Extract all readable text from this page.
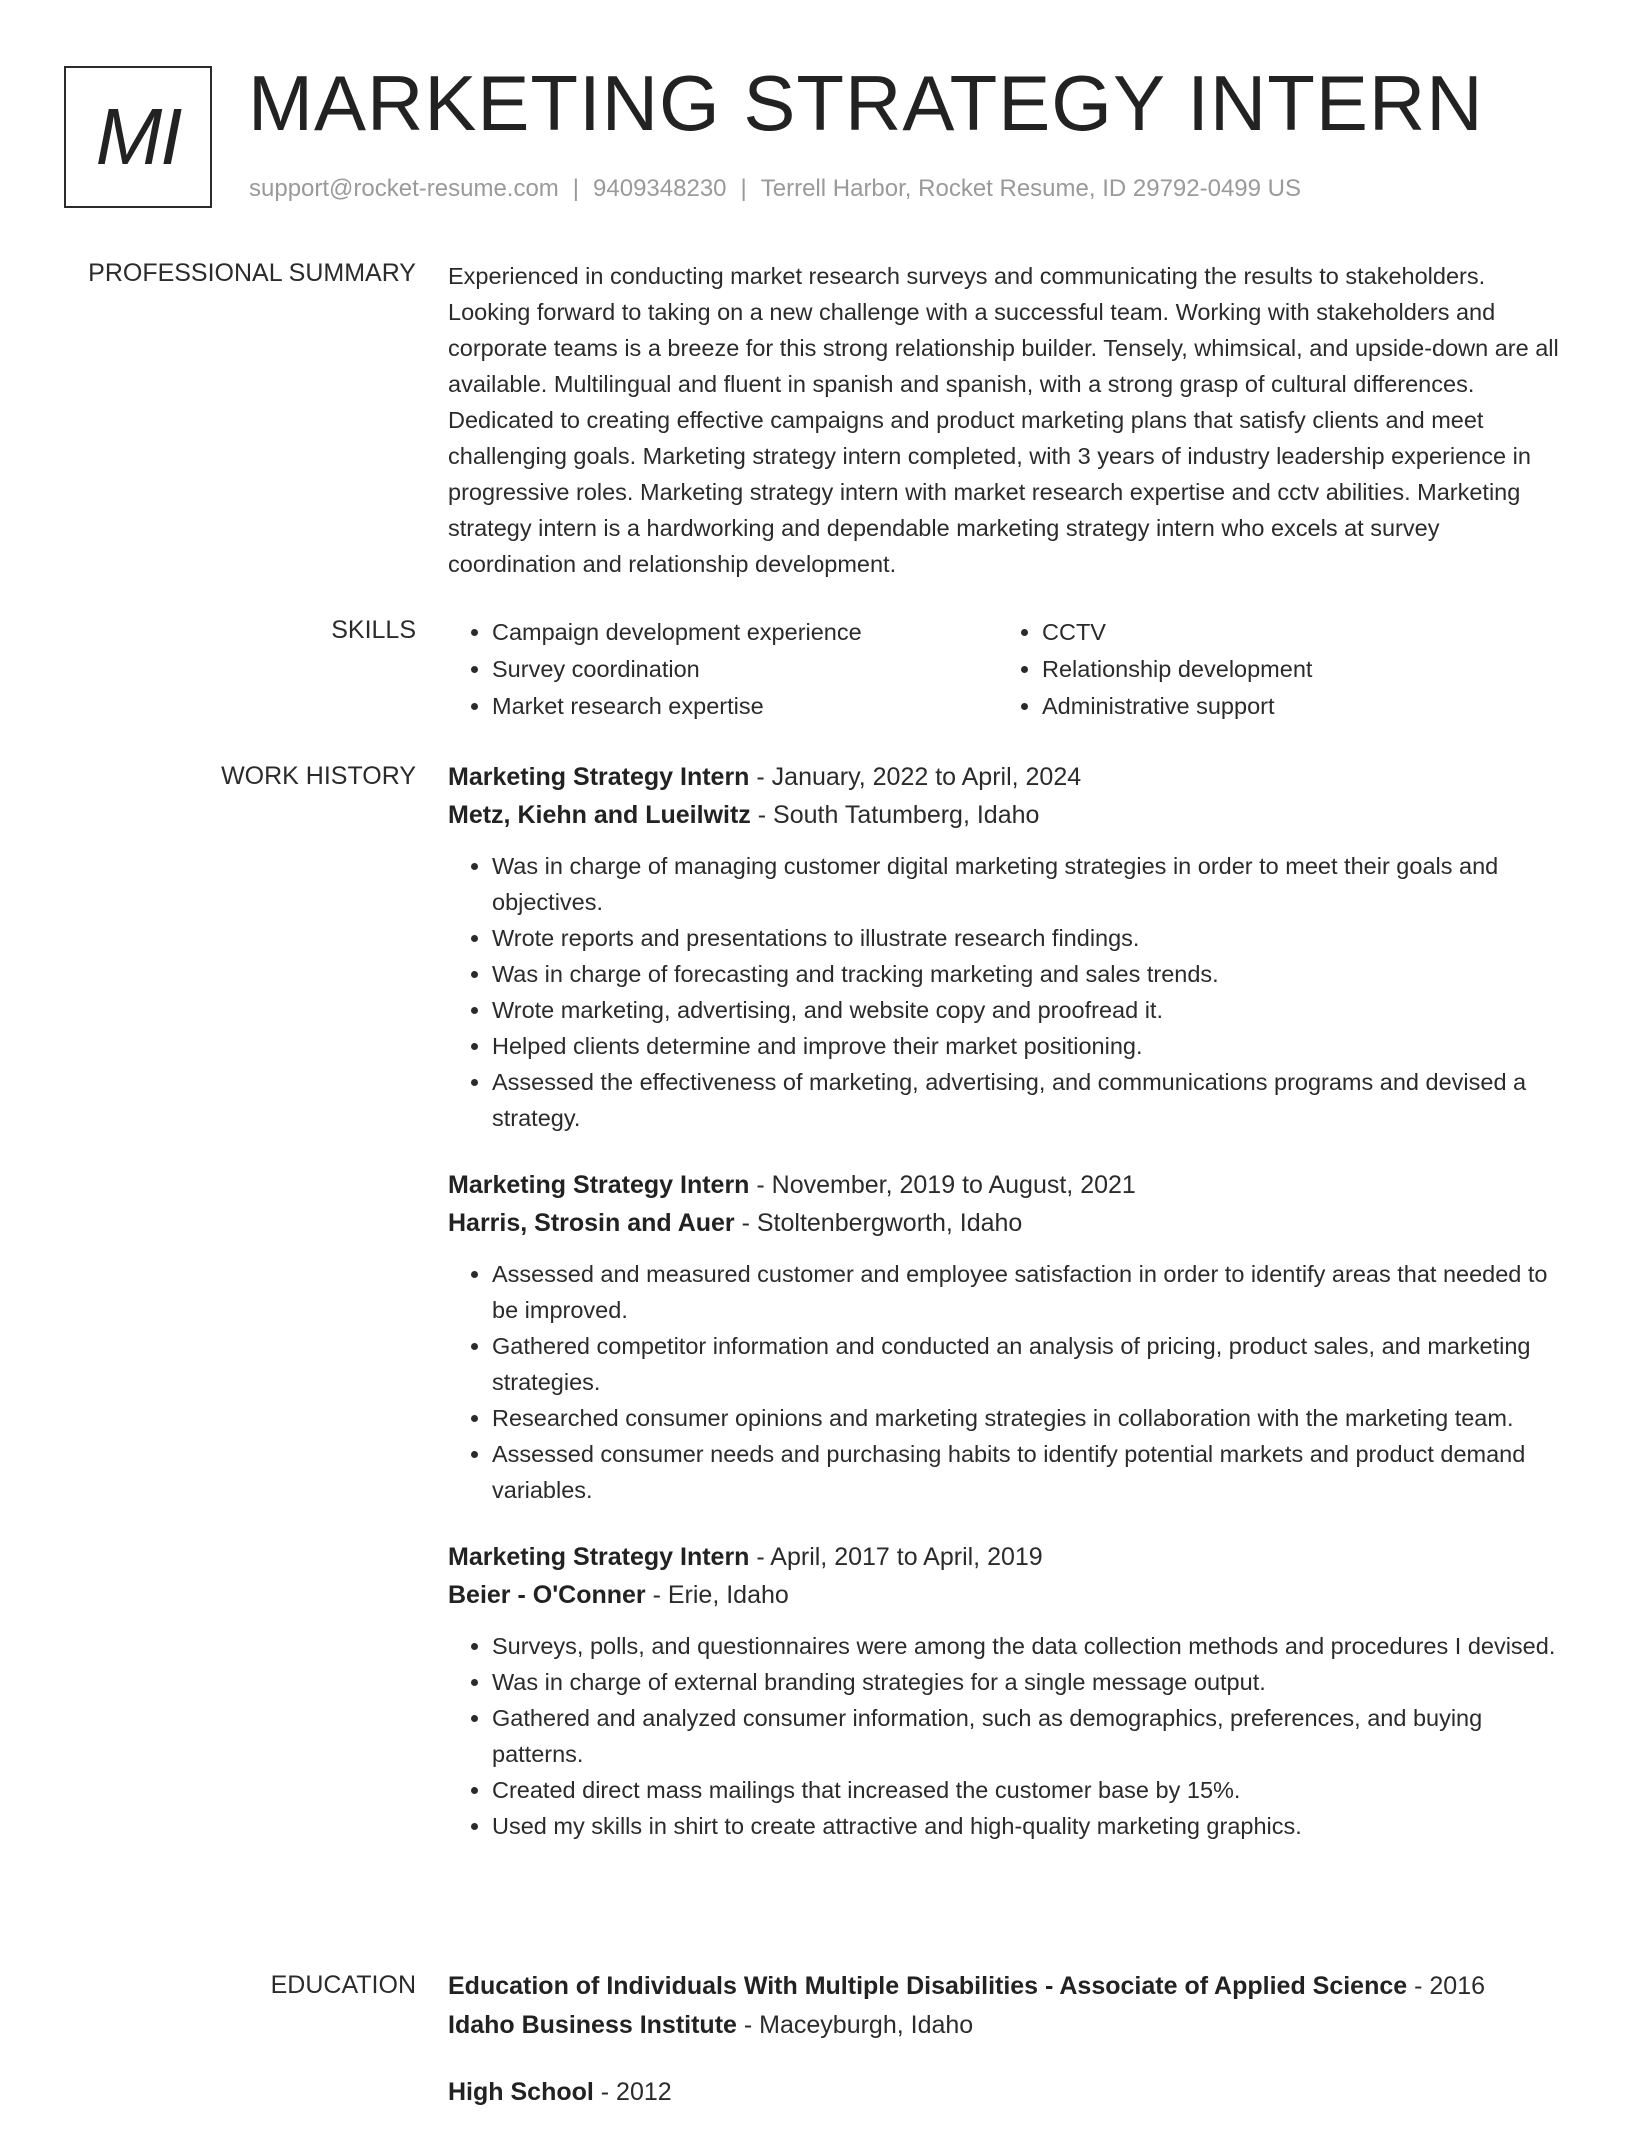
MI MARKETING STRATEGY INTERN
support@rocket-resume.com | 9409348230 | Terrell Harbor, Rocket Resume, ID 29792-0499 US
PROFESSIONAL SUMMARY Experienced in conducting market research surveys and communicating the results to stakeholders. Looking forward to taking on a new challenge with a successful team. Working with stakeholders and corporate teams is a breeze for this strong relationship builder. Tensely, whimsical, and upside-down are all available. Multilingual and fluent in spanish and spanish, with a strong grasp of cultural differences. Dedicated to creating effective campaigns and product marketing plans that satisfy clients and meet challenging goals. Marketing strategy intern completed, with 3 years of industry leadership experience in progressive roles. Marketing strategy intern with market research expertise and cctv abilities. Marketing strategy intern is a hardworking and dependable marketing strategy intern who excels at survey coordination and relationship development.

SKILLS
•	Campaign development experience
• Survey coordination
• Market research expertise
• CCTV
• Relationship development
• Administrative support
WORK HISTORY Marketing Strategy Intern - January, 2022 to April, 2024
Metz, Kiehn and Lueilwitz - South Tatumberg, Idaho
• Was in charge of managing customer digital marketing strategies in order to meet their goals and objectives.
• Wrote reports and presentations to illustrate research findings.
• Was in charge of forecasting and tracking marketing and sales trends.
• Wrote marketing, advertising, and website copy and proofread it.
• Helped clients determine and improve their market positioning.
• Assessed the effectiveness of marketing, advertising, and communications programs and devised a strategy.
Marketing Strategy Intern - November, 2019 to August, 2021
Harris, Strosin and Auer - Stoltenbergworth, Idaho
• Assessed and measured customer and employee satisfaction in order to identify areas that needed to be improved.
• Gathered competitor information and conducted an analysis of pricing, product sales, and marketing strategies.
• Researched consumer opinions and marketing strategies in collaboration with the marketing team.
• Assessed consumer needs and purchasing habits to identify potential markets and product demand variables.
Marketing Strategy Intern - April, 2017 to April, 2019
Beier - O'Conner - Erie, Idaho
• Surveys, polls, and questionnaires were among the data collection methods and procedures I devised.
• Was in charge of external branding strategies for a single message output.
• Gathered and analyzed consumer information, such as demographics, preferences, and buying patterns.
• Created direct mass mailings that increased the customer base by 15%.
• Used my skills in shirt to create attractive and high-quality marketing graphics.
EDUCATION Education of Individuals With Multiple Disabilities - Associate of Applied Science - 2016
Idaho Business Institute - Maceyburgh, Idaho
High School - 2012
